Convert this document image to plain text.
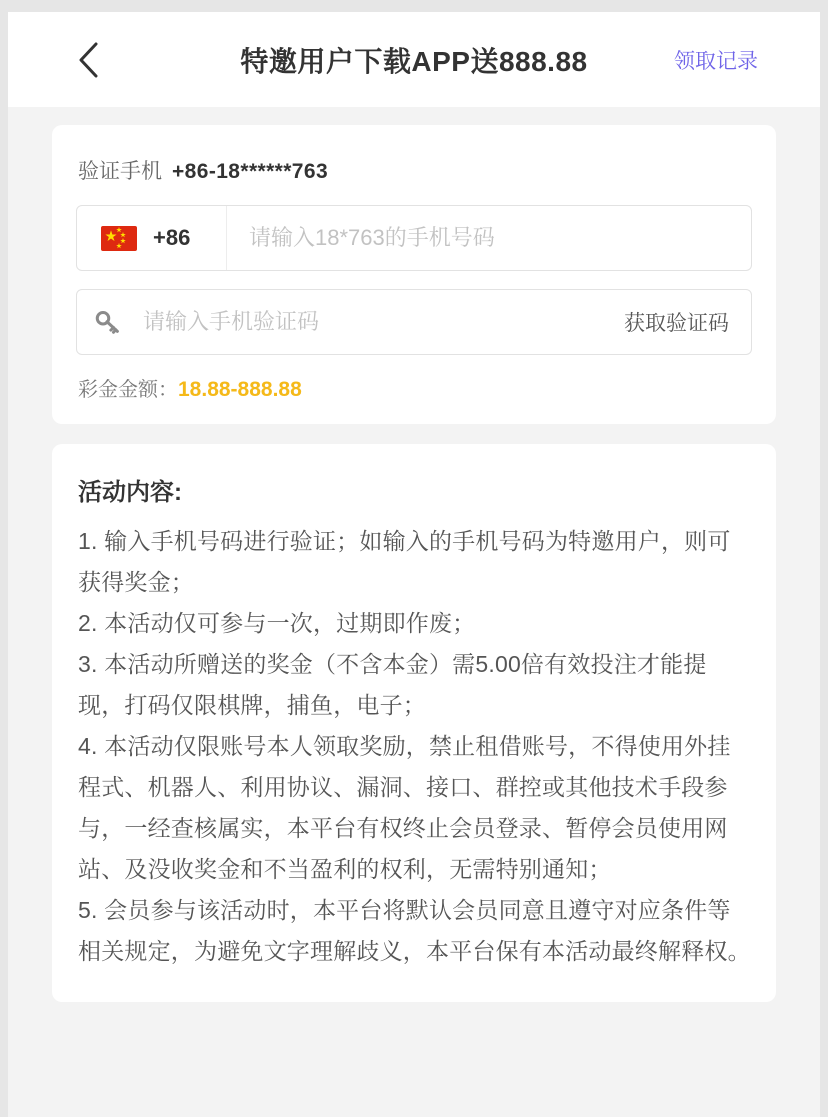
特邀用户下载APP送888.88	领取记录
验证手机 +86-18******763
★
★
★
★
★ +86
请输入18*763的手机号码
请输入手机验证码
获取验证码
彩金金额：18.88-888.88
活动内容:
1. 输入手机号码进行验证；如输入的手机号码为特邀用户，则可获得奖金；
2. 本活动仅可参与一次，过期即作废；
3. 本活动所赠送的奖金（不含本金）需5.00倍有效投注才能提现，打码仅限棋牌，捕鱼，电子；
4. 本活动仅限账号本人领取奖励，禁止租借账号，不得使用外挂程式、机器人、利用协议、漏洞、接口、群控或其他技术手段参与，一经查核属实，本平台有权终止会员登录、暂停会员使用网站、及没收奖金和不当盈利的权利，无需特别通知；
5. 会员参与该活动时，本平台将默认会员同意且遵守对应条件等相关规定，为避免文字理解歧义，本平台保有本活动最终解释权。
